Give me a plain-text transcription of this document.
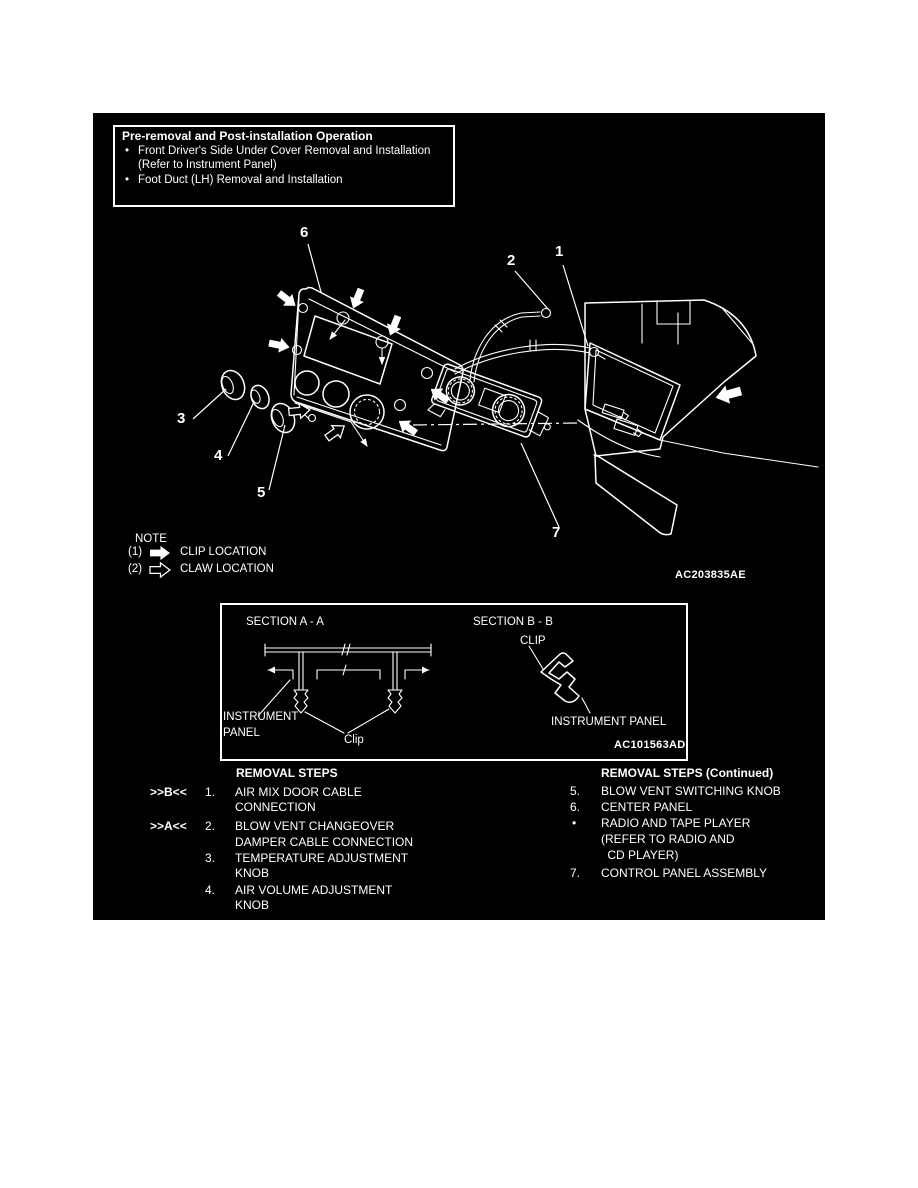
Pre-removal and Post-installation Operation
• Front Driver's Side Under Cover Removal and Installation
(Refer to Instrument Panel)
• Foot Duct (LH) Removal and Installation
NOTE
(1)	CLIP LOCATION
(2)	CLAW LOCATION	AC203835AE
6
2
1
3
4
5
7
SECTION A - A	SECTION B - B
CLIP
INSTRUMENT
PANEL
Clip
INSTRUMENT PANEL
AC101563AD
REMOVAL STEPS
>>B<< 1. AIR MIX DOOR CABLE
CONNECTION
>>A<< 2. BLOW VENT CHANGEOVER
DAMPER CABLE CONNECTION
3. TEMPERATURE ADJUSTMENT
KNOB
4. AIR VOLUME ADJUSTMENT
KNOB
REMOVAL STEPS (Continued)
5. BLOW VENT SWITCHING KNOB
6. CENTER PANEL
• RADIO AND TAPE PLAYER
(REFER TO RADIO AND
CD PLAYER)
7. CONTROL PANEL ASSEMBLY
